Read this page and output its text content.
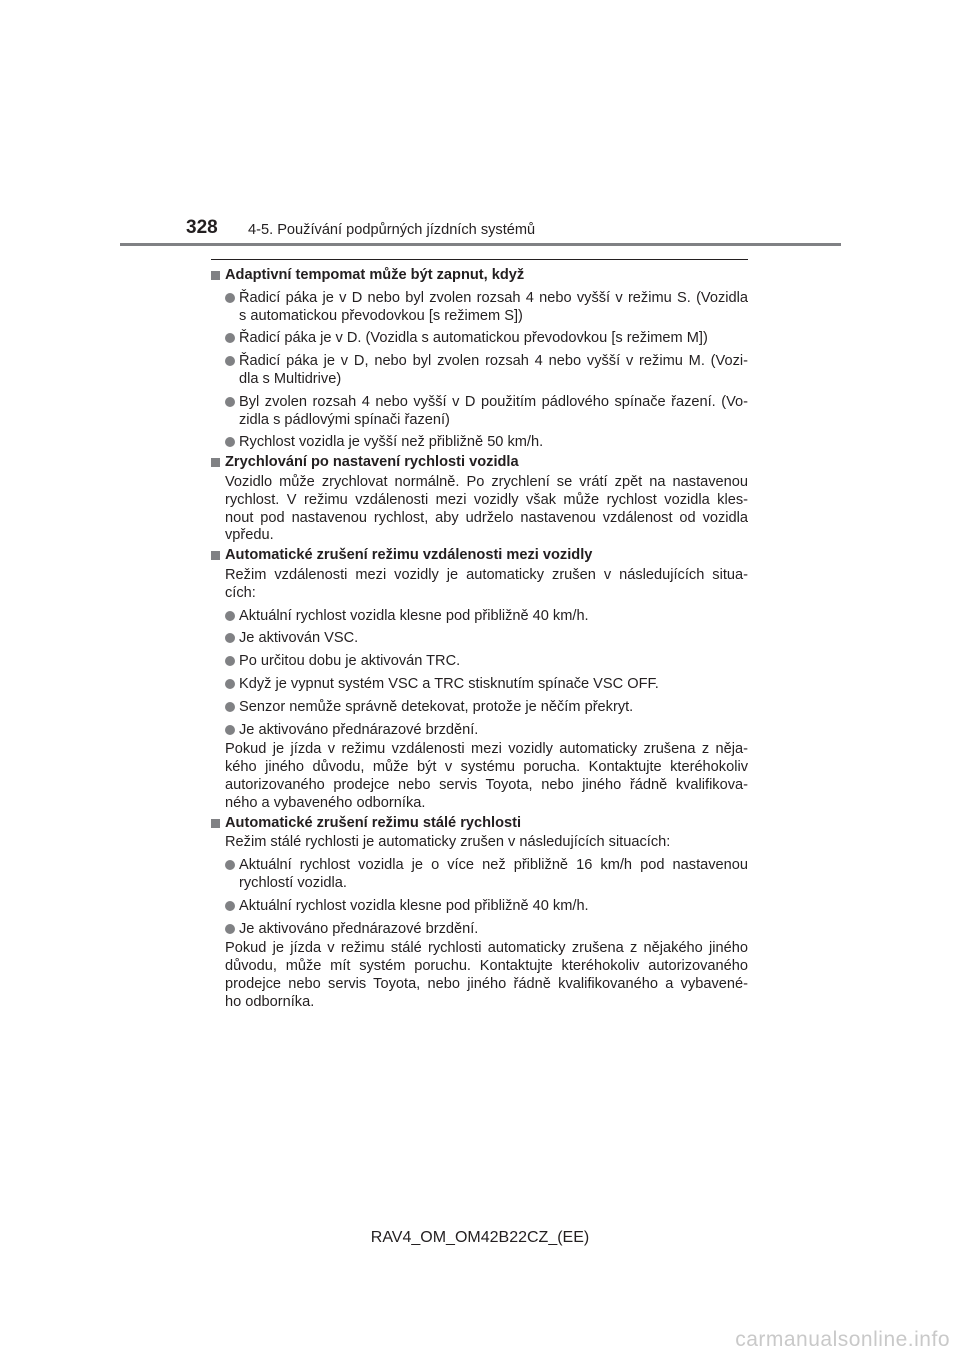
328 4-5. Používání podpůrných jízdních systémů
Adaptivní tempomat může být zapnut, když
Řadicí páka je v D nebo byl zvolen rozsah 4 nebo vyšší v režimu S. (Vozidla
s automatickou převodovkou [s režimem S])
Řadicí páka je v D. (Vozidla s automatickou převodovkou [s režimem M])
Řadicí páka je v D, nebo byl zvolen rozsah 4 nebo vyšší v režimu M. (Vozi-
dla s Multidrive)
Byl zvolen rozsah 4 nebo vyšší v D použitím pádlového spínače řazení. (Vo-
zidla s pádlovými spínači řazení)
Rychlost vozidla je vyšší než přibližně 50 km/h.
Zrychlování po nastavení rychlosti vozidla
Vozidlo může zrychlovat normálně. Po zrychlení se vrátí zpět na nastavenou
rychlost. V režimu vzdálenosti mezi vozidly však může rychlost vozidla kles-
nout pod nastavenou rychlost, aby udrželo nastavenou vzdálenost od vozidla
vpředu.
Automatické zrušení režimu vzdálenosti mezi vozidly
Režim vzdálenosti mezi vozidly je automaticky zrušen v následujících situa-
cích:
Aktuální rychlost vozidla klesne pod přibližně 40 km/h.
Je aktivován VSC.
Po určitou dobu je aktivován TRC.
Když je vypnut systém VSC a TRC stisknutím spínače VSC OFF.
Senzor nemůže správně detekovat, protože je něčím překryt.
Je aktivováno přednárazové brzdění.
Pokud je jízda v režimu vzdálenosti mezi vozidly automaticky zrušena z něja-
kého jiného důvodu, může být v systému porucha. Kontaktujte kteréhokoliv
autorizovaného prodejce nebo servis Toyota, nebo jiného řádně kvalifikova-
ného a vybaveného odborníka.
Automatické zrušení režimu stálé rychlosti
Režim stálé rychlosti je automaticky zrušen v následujících situacích:
Aktuální rychlost vozidla je o více než přibližně 16 km/h pod nastavenou
rychlostí vozidla.
Aktuální rychlost vozidla klesne pod přibližně 40 km/h.
Je aktivováno přednárazové brzdění.
Pokud je jízda v režimu stálé rychlosti automaticky zrušena z nějakého jiného
důvodu, může mít systém poruchu. Kontaktujte kteréhokoliv autorizovaného
prodejce nebo servis Toyota, nebo jiného řádně kvalifikovaného a vybavené-
ho odborníka.
RAV4_OM_OM42B22CZ_(EE)
carmanualsonline.info
